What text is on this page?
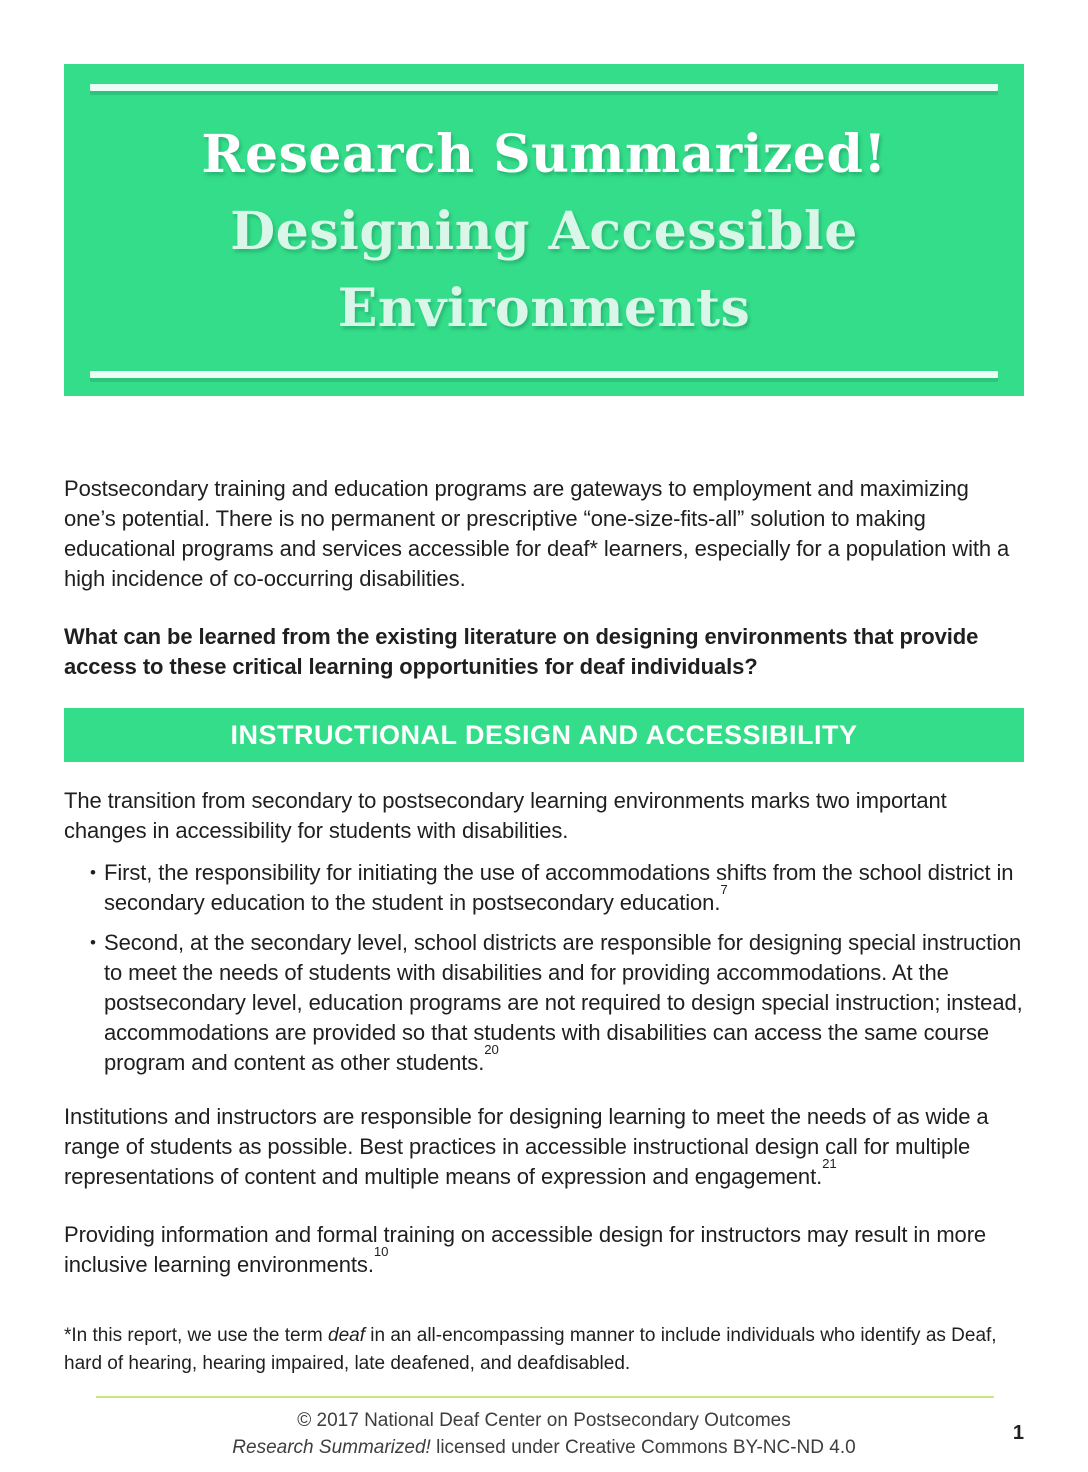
Research Summarized!
Designing Accessible
Environments

Postsecondary training and education programs are gateways to employment and maximizing one’s potential. There is no permanent or prescriptive “one-size-fits-all” solution to making educational programs and services accessible for deaf* learners, especially for a population with a high incidence of co-occurring disabilities.

What can be learned from the existing literature on designing environments that provide access to these critical learning opportunities for deaf individuals?

INSTRUCTIONAL DESIGN AND ACCESSIBILITY

The transition from secondary to postsecondary learning environments marks two important changes in accessibility for students with disabilities.

• First, the responsibility for initiating the use of accommodations shifts from the school district in secondary education to the student in postsecondary education.$^7$
• Second, at the secondary level, school districts are responsible for designing special instruction to meet the needs of students with disabilities and for providing accommodations. At the postsecondary level, education programs are not required to design special instruction; instead, accommodations are provided so that students with disabilities can access the same course program and content as other students.$^{20}$

Institutions and instructors are responsible for designing learning to meet the needs of as wide a range of students as possible. Best practices in accessible instructional design call for multiple representations of content and multiple means of expression and engagement.$^{21}$

Providing information and formal training on accessible design for instructors may result in more inclusive learning environments.$^{10}$

*In this report, we use the term deaf in an all-encompassing manner to include individuals who identify as Deaf, hard of hearing, hearing impaired, late deafened, and deafdisabled.

© 2017 National Deaf Center on Postsecondary Outcomes
Research Summarized! licensed under Creative Commons BY-NC-ND 4.0
1
